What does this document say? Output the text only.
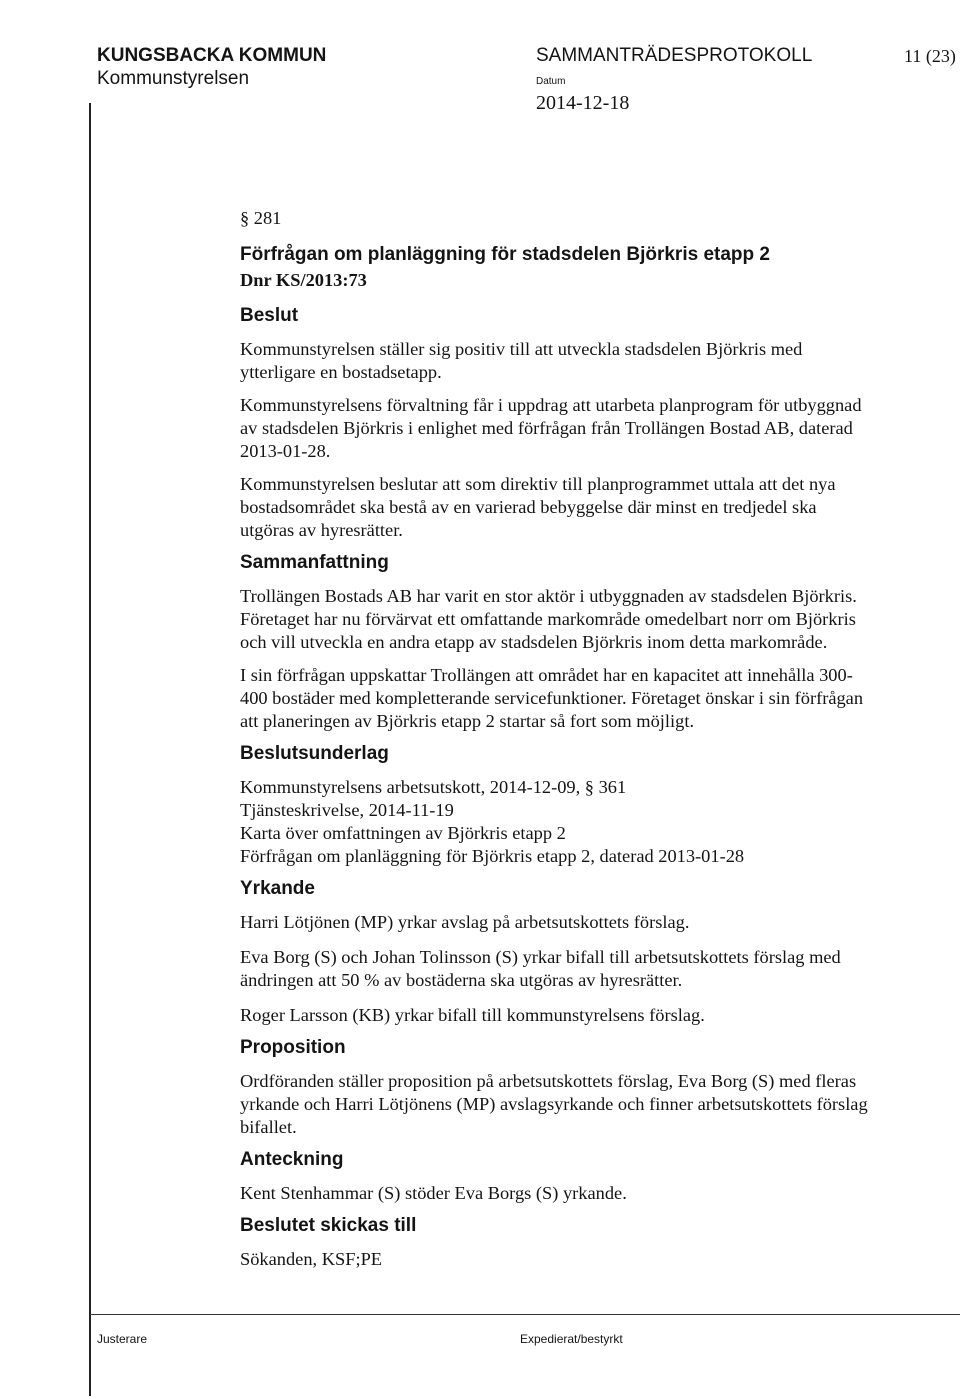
KUNGSBACKA KOMMUN
Kommunstyrelsen
SAMMANTRÄDESPROTOKOLL	11 (23)
Datum
2014-12-18

§ 281

Förfrågan om planläggning för stadsdelen Björkris etapp 2

Dnr KS/2013:73

Beslut

Kommunstyrelsen ställer sig positiv till att utveckla stadsdelen Björkris med

ytterligare en bostadsetapp.

Kommunstyrelsens förvaltning får i uppdrag att utarbeta planprogram för utbyggnad

av stadsdelen Björkris i enlighet med förfrågan från Trollängen Bostad AB, daterad

2013-01-28.

Kommunstyrelsen beslutar att som direktiv till planprogrammet uttala att det nya

bostadsområdet ska bestå av en varierad bebyggelse där minst en tredjedel ska

utgöras av hyresrätter.

Sammanfattning

Trollängen Bostads AB har varit en stor aktör i utbyggnaden av stadsdelen Björkris.

Företaget har nu förvärvat ett omfattande markområde omedelbart norr om Björkris

och vill utveckla en andra etapp av stadsdelen Björkris inom detta markområde.

I sin förfrågan uppskattar Trollängen att området har en kapacitet att innehålla 300-

400 bostäder med kompletterande servicefunktioner. Företaget önskar i sin förfrågan

att planeringen av Björkris etapp 2 startar så fort som möjligt.

Beslutsunderlag

Kommunstyrelsens arbetsutskott, 2014-12-09, § 361

Tjänsteskrivelse, 2014-11-19

Karta över omfattningen av Björkris etapp 2

Förfrågan om planläggning för Björkris etapp 2, daterad 2013-01-28

Yrkande

Harri Lötjönen (MP) yrkar avslag på arbetsutskottets förslag.

Eva Borg (S) och Johan Tolinsson (S) yrkar bifall till arbetsutskottets förslag med

ändringen att 50 % av bostäderna ska utgöras av hyresrätter.

Roger Larsson (KB) yrkar bifall till kommunstyrelsens förslag.

Proposition

Ordföranden ställer proposition på arbetsutskottets förslag, Eva Borg (S) med fleras

yrkande och Harri Lötjönens (MP) avslagsyrkande och finner arbetsutskottets förslag

bifallet.

Anteckning

Kent Stenhammar (S) stöder Eva Borgs (S) yrkande.

Beslutet skickas till

Sökanden, KSF;PE

Justerare	Expedierat/bestyrkt
